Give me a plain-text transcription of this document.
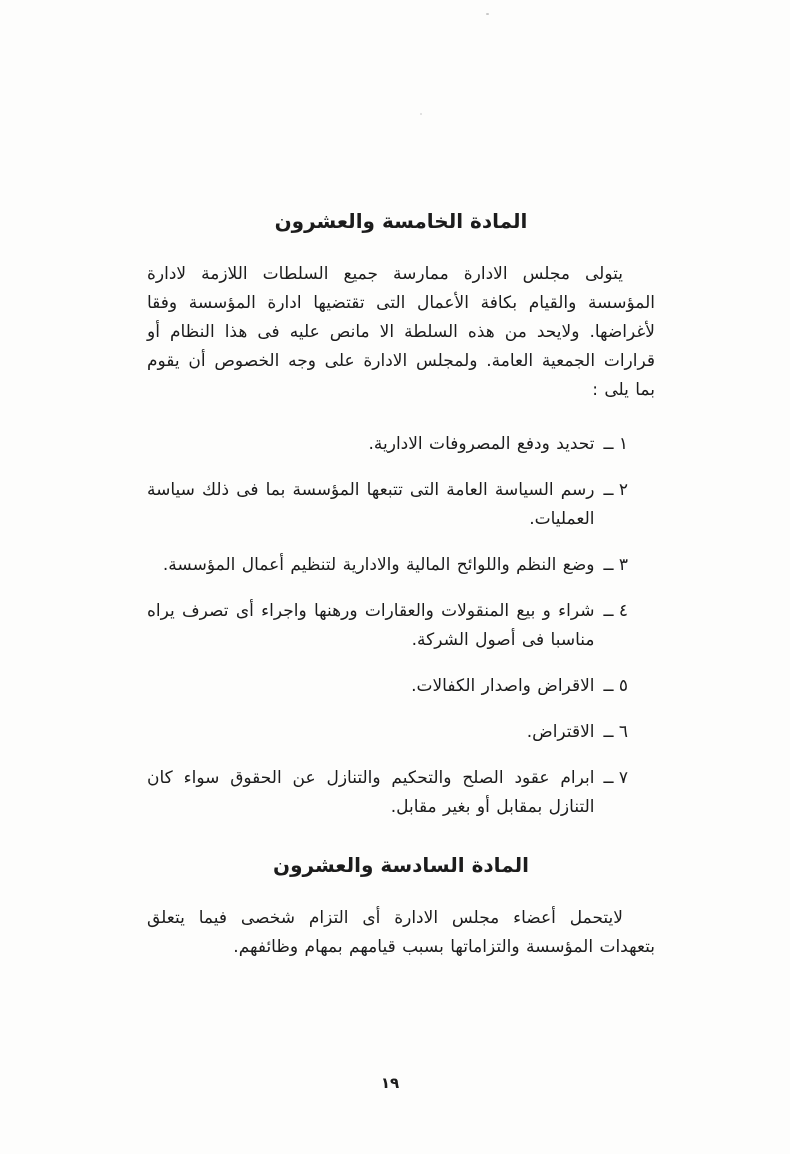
المادة الخامسة والعشرون

يتولى مجلس الادارة ممارسة جميع السلطات اللازمة لادارة المؤسسة والقيام بكافة الأعمال التى تقتضيها ادارة المؤسسة وفقا لأغراضها. ولايحد من هذه السلطة الا مانص عليه فى هذا النظام أو قرارات الجمعية العامة. ولمجلس الادارة على وجه الخصوص أن يقوم بما يلى :

١ ــ
تحديد ودفع المصروفات الادارية.
٢ ــ
رسم السياسة العامة التى تتبعها المؤسسة بما فى ذلك سياسة العمليات.
٣ ــ
وضع النظم واللوائح المالية والادارية لتنظيم أعمال المؤسسة.
٤ ــ
شراء و بيع المنقولات والعقارات ورهنها واجراء أى تصرف يراه مناسبا فى أصول الشركة.
٥ ــ
الاقراض واصدار الكفالات.
٦ ــ
الاقتراض.
٧ ــ
ابرام عقود الصلح والتحكيم والتنازل عن الحقوق سواء كان التنازل بمقابل أو بغير مقابل.
المادة السادسة والعشرون

لايتحمل أعضاء مجلس الادارة أى التزام شخصى فيما يتعلق بتعهدات المؤسسة والتزاماتها بسبب قيامهم بمهام وظائفهم.

١٩
